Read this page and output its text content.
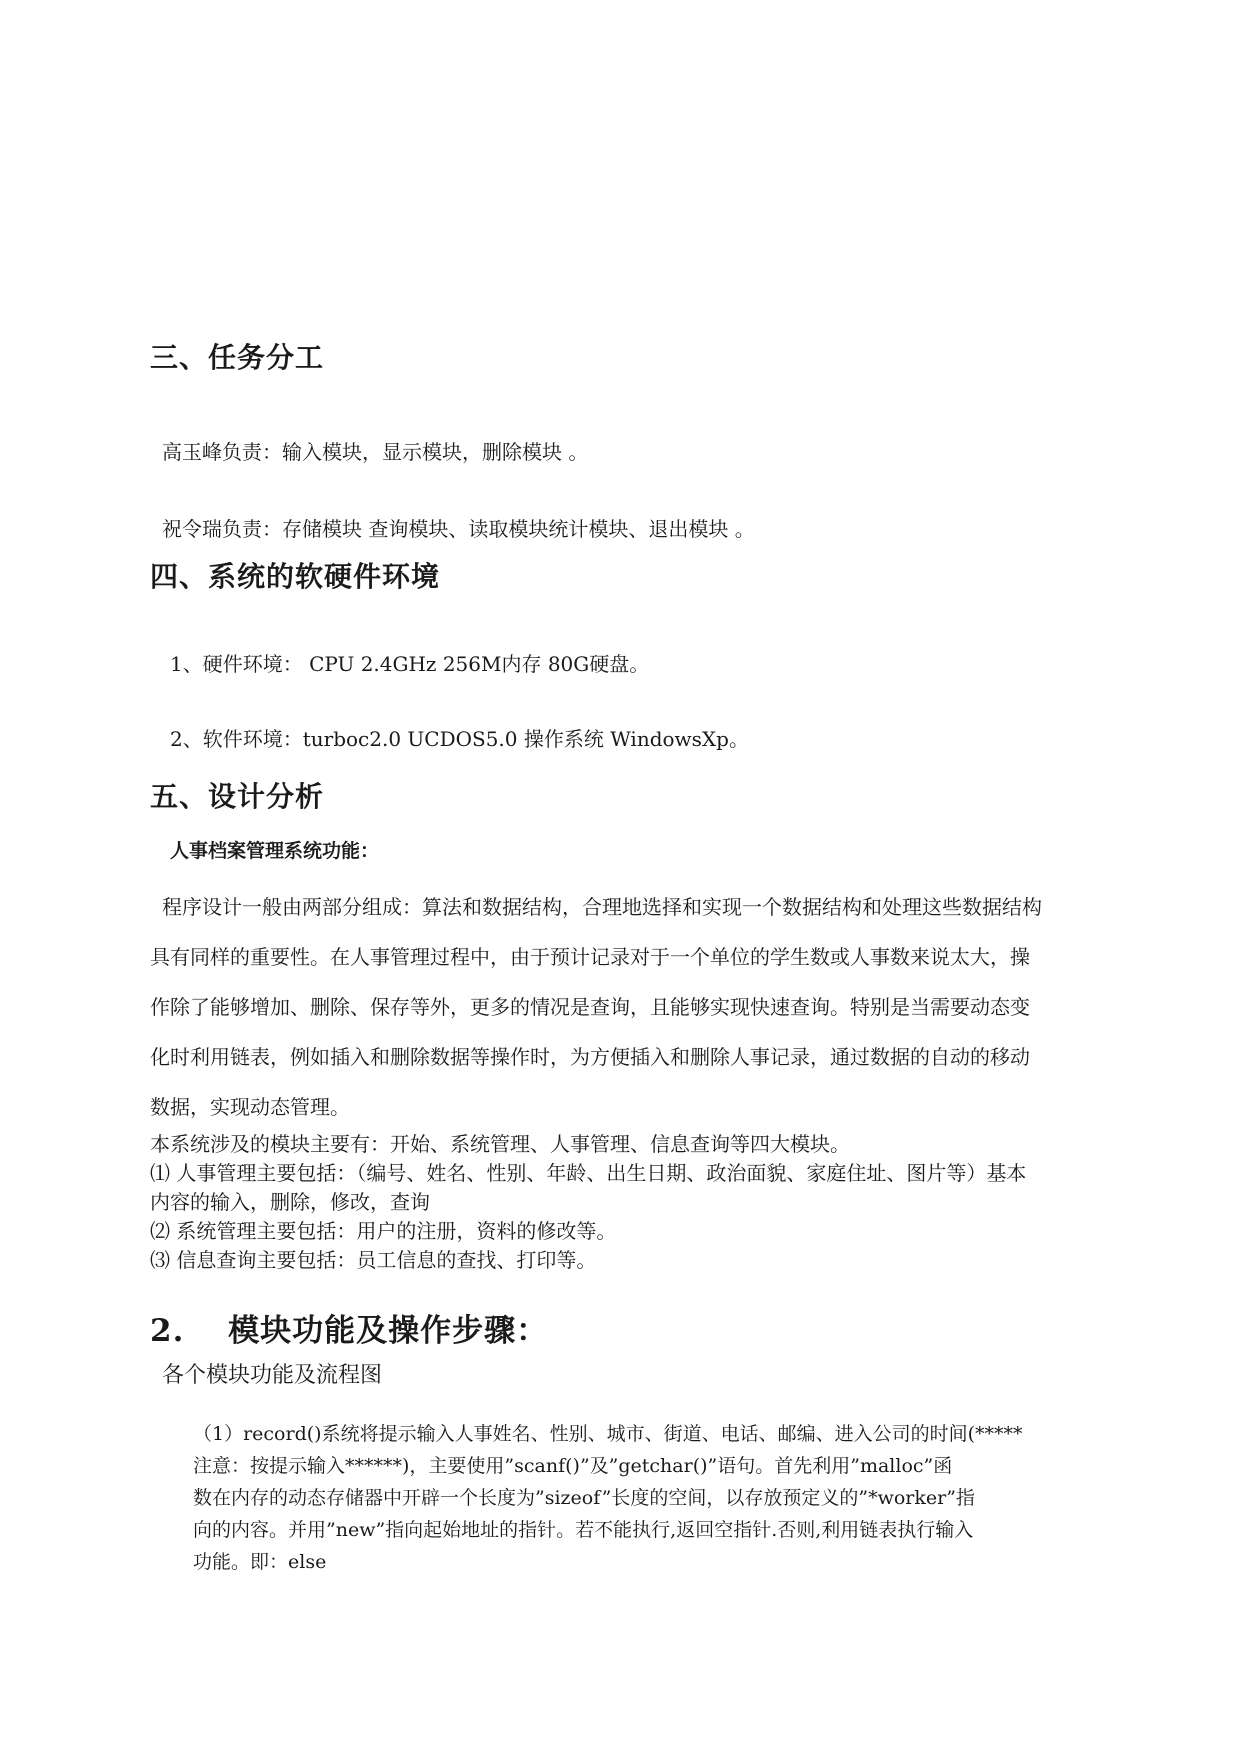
三、任务分工
高玉峰负责：输入模块，显示模块，删除模块 。
祝令瑞负责：存储模块 查询模块、读取模块统计模块、退出模块 。
四、系统的软硬件环境
1、硬件环境： CPU 2.4GHz 256M内存 80G硬盘。
2、软件环境：turboc2.0 UCDOS5.0 操作系统 WindowsXp。
五、设计分析
人事档案管理系统功能：
程序设计一般由两部分组成：算法和数据结构，合理地选择和实现一个数据结构和处理这些数据结构
具有同样的重要性。在人事管理过程中，由于预计记录对于一个单位的学生数或人事数来说太大，操
作除了能够增加、删除、保存等外，更多的情况是查询，且能够实现快速查询。特别是当需要动态变
化时利用链表，例如插入和删除数据等操作时，为方便插入和删除人事记录，通过数据的自动的移动
数据，实现动态管理。
本系统涉及的模块主要有：开始、系统管理、人事管理、信息查询等四大模块。
⑴ 人事管理主要包括：（编号、姓名、性别、年龄、出生日期、政治面貌、家庭住址、图片等）基本
内容的输入，删除，修改，查询
⑵ 系统管理主要包括：用户的注册，资料的修改等。
⑶ 信息查询主要包括：员工信息的查找、打印等。
2.　 模块功能及操作步骤：
各个模块功能及流程图
（1）record()系统将提示输入人事姓名、性别、城市、街道、电话、邮编、进入公司的时间(*****
注意：按提示输入******)，主要使用”scanf()”及”getchar()”语句。首先利用”malloc”函
数在内存的动态存储器中开辟一个长度为”sizeof”长度的空间，以存放预定义的”*worker”指
向的内容。并用”new”指向起始地址的指针。若不能执行,返回空指针.否则,利用链表执行输入
功能。即：else
